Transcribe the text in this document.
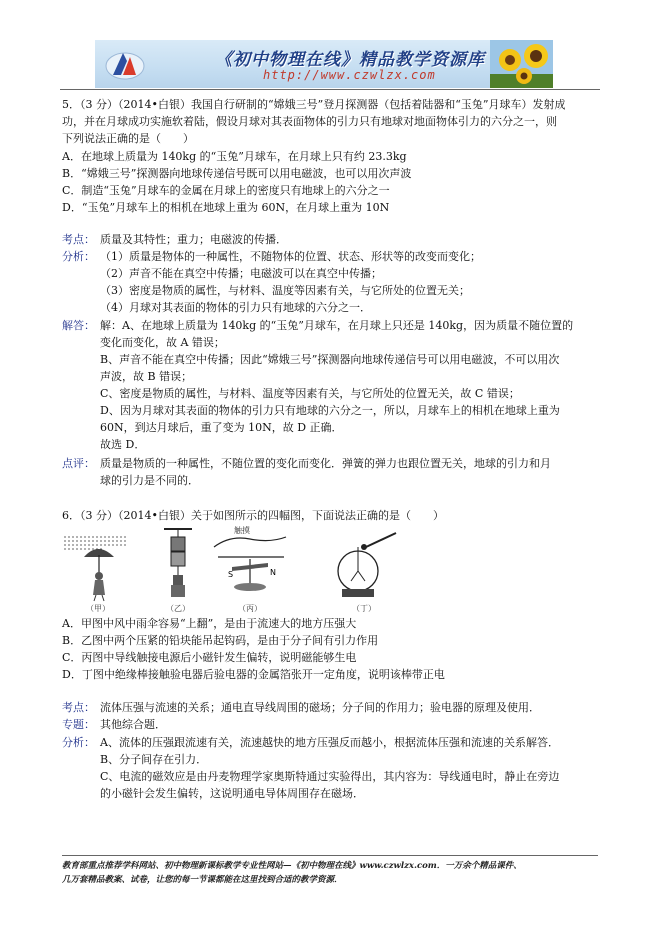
《初中物理在线》精品教学资源库
http://www.czwlzx.com
5．（3 分）（2014•白银）我国自行研制的“嫦娥三号”登月探测器（包括着陆器和“玉兔”月球车）发射成
功，并在月球成功实施软着陆，假设月球对其表面物体的引力只有地球对地面物体引力的六分之一，则
下列说法正确的是（　　）
A．在地球上质量为 140kg 的“玉兔”月球车，在月球上只有约 23.3kg
B．“嫦娥三号”探测器向地球传递信号既可以用电磁波，也可以用次声波
C．制造“玉兔”月球车的金属在月球上的密度只有地球上的六分之一
D．“玉兔”月球车上的相机在地球上重为 60N，在月球上重为 10N
考点： 质量及其特性；重力；电磁波的传播．
分析： （1）质量是物体的一种属性，不随物体的位置、状态、形状等的改变而变化；
（2）声音不能在真空中传播；电磁波可以在真空中传播；
（3）密度是物质的属性，与材料、温度等因素有关，与它所处的位置无关；
（4）月球对其表面的物体的引力只有地球的六分之一．
解答： 解：A、在地球上质量为 140kg 的“玉兔”月球车，在月球上只还是 140kg，因为质量不随位置的
变化而变化，故 A 错误；
B、声音不能在真空中传播；因此“嫦娥三号”探测器向地球传递信号可以用电磁波，不可以用次
声波，故 B 错误；
C、密度是物质的属性，与材料、温度等因素有关，与它所处的位置无关，故 C 错误；
D、因为月球对其表面的物体的引力只有地球的六分之一，所以，月球车上的相机在地球上重为
60N，到达月球后，重了变为 10N，故 D 正确．
故选 D．
点评： 质量是物质的一种属性，不随位置的变化而变化．弹簧的弹力也跟位置无关，地球的引力和月
球的引力是不同的．
6．（3 分）（2014•白银）关于如图所示的四幅图，下面说法正确的是（　　）
（甲）	（乙）
S	N
触摸
（丙）	（丁）
A．甲图中风中雨伞容易“上翻”，是由于流速大的地方压强大
B．乙图中两个压紧的铅块能吊起钩码，是由于分子间有引力作用
C．丙图中导线触接电源后小磁针发生偏转，说明磁能够生电
D．丁图中绝缘棒接触验电器后验电器的金属箔张开一定角度，说明该棒带正电
考点： 流体压强与流速的关系；通电直导线周围的磁场；分子间的作用力；验电器的原理及使用．
专题： 其他综合题．
分析： A、流体的压强跟流速有关，流速越快的地方压强反而越小，根据流体压强和流速的关系解答．
B、分子间存在引力．
C、电流的磁效应是由丹麦物理学家奥斯特通过实验得出，其内容为：导线通电时，静止在旁边
的小磁针会发生偏转，这说明通电导体周围存在磁场．
教育部重点推荐学科网站、初中物理新课标教学专业性网站—《初中物理在线》www.czwlzx.com．一万余个精品课件、
几万套精品教案、试卷，让您的每一节课都能在这里找到合适的教学资源．
